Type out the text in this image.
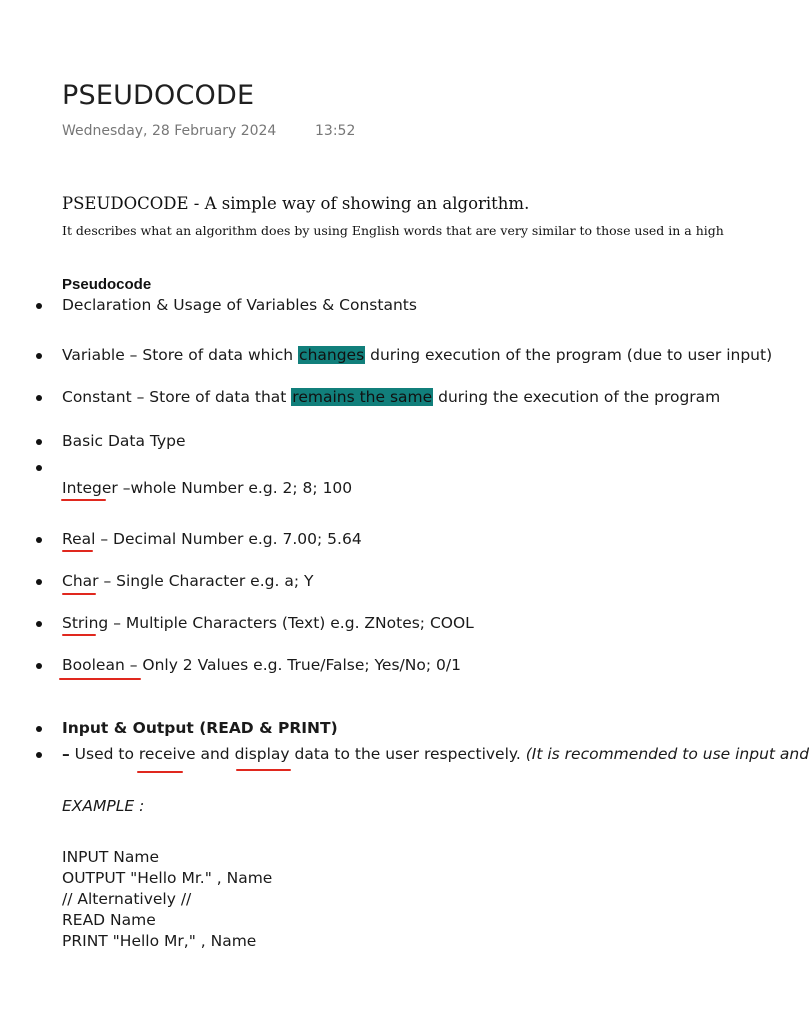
PSEUDOCODE
Wednesday, 28 February 2024	13:52
PSEUDOCODE - A simple way of showing an algorithm.
It describes what an algorithm does by using English words that are very similar to those used in a high
Pseudocode
Declaration & Usage of Variables & Constants
Variable – Store of data which changes during execution of the program (due to user input)
Constant – Store of data that remains the same during the execution of the program
Basic Data Type
Integer –whole Number e.g. 2; 8; 100
Real – Decimal Number e.g. 7.00; 5.64
Char – Single Character e.g. a; Y
String – Multiple Characters (Text) e.g. ZNotes; COOL
Boolean – Only 2 Values e.g. True/False; Yes/No; 0/1
Input & Output (READ & PRINT)
– Used to receive and display data to the user respectively. (It is recommended to use input and
EXAMPLE :
INPUT Name
OUTPUT "Hello Mr." , Name
// Alternatively //
READ Name
PRINT "Hello Mr," , Name
